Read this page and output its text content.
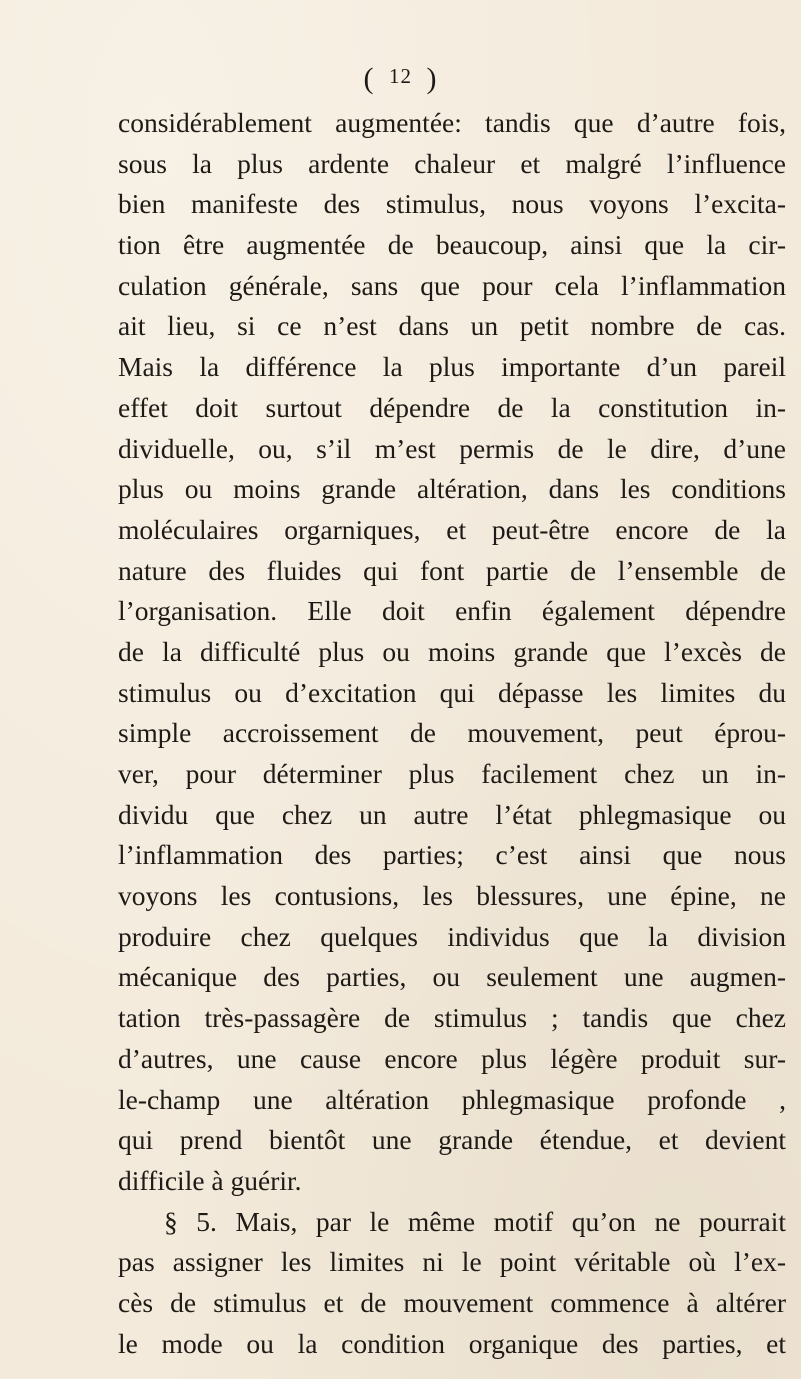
( 12 )
considérablement augmentée: tandis que d’autre fois,
sous la plus ardente chaleur et malgré l’influence
bien manifeste des stimulus, nous voyons l’excita-
tion être augmentée de beaucoup, ainsi que la cir-
culation générale, sans que pour cela l’inflammation
ait lieu, si ce n’est dans un petit nombre de cas.
Mais la différence la plus importante d’un pareil
effet doit surtout dépendre de la constitution in-
dividuelle, ou, s’il m’est permis de le dire, d’une
plus ou moins grande altération, dans les conditions
moléculaires orgarniques, et peut-être encore de la
nature des fluides qui font partie de l’ensemble de
l’organisation. Elle doit enfin également dépendre
de la difficulté plus ou moins grande que l’excès de
stimulus ou d’excitation qui dépasse les limites du
simple accroissement de mouvement, peut éprou-
ver, pour déterminer plus facilement chez un in-
dividu que chez un autre l’état phlegmasique ou
l’inflammation des parties; c’est ainsi que nous
voyons les contusions, les blessures, une épine, ne
produire chez quelques individus que la division
mécanique des parties, ou seulement une augmen-
tation très-passagère de stimulus ; tandis que chez
d’autres, une cause encore plus légère produit sur-
le-champ une altération phlegmasique profonde ,
qui prend bientôt une grande étendue, et devient
difficile à guérir.
§ 5. Mais, par le même motif qu’on ne pourrait
pas assigner les limites ni le point véritable où l’ex-
cès de stimulus et de mouvement commence à altérer
le mode ou la condition organique des parties, et
